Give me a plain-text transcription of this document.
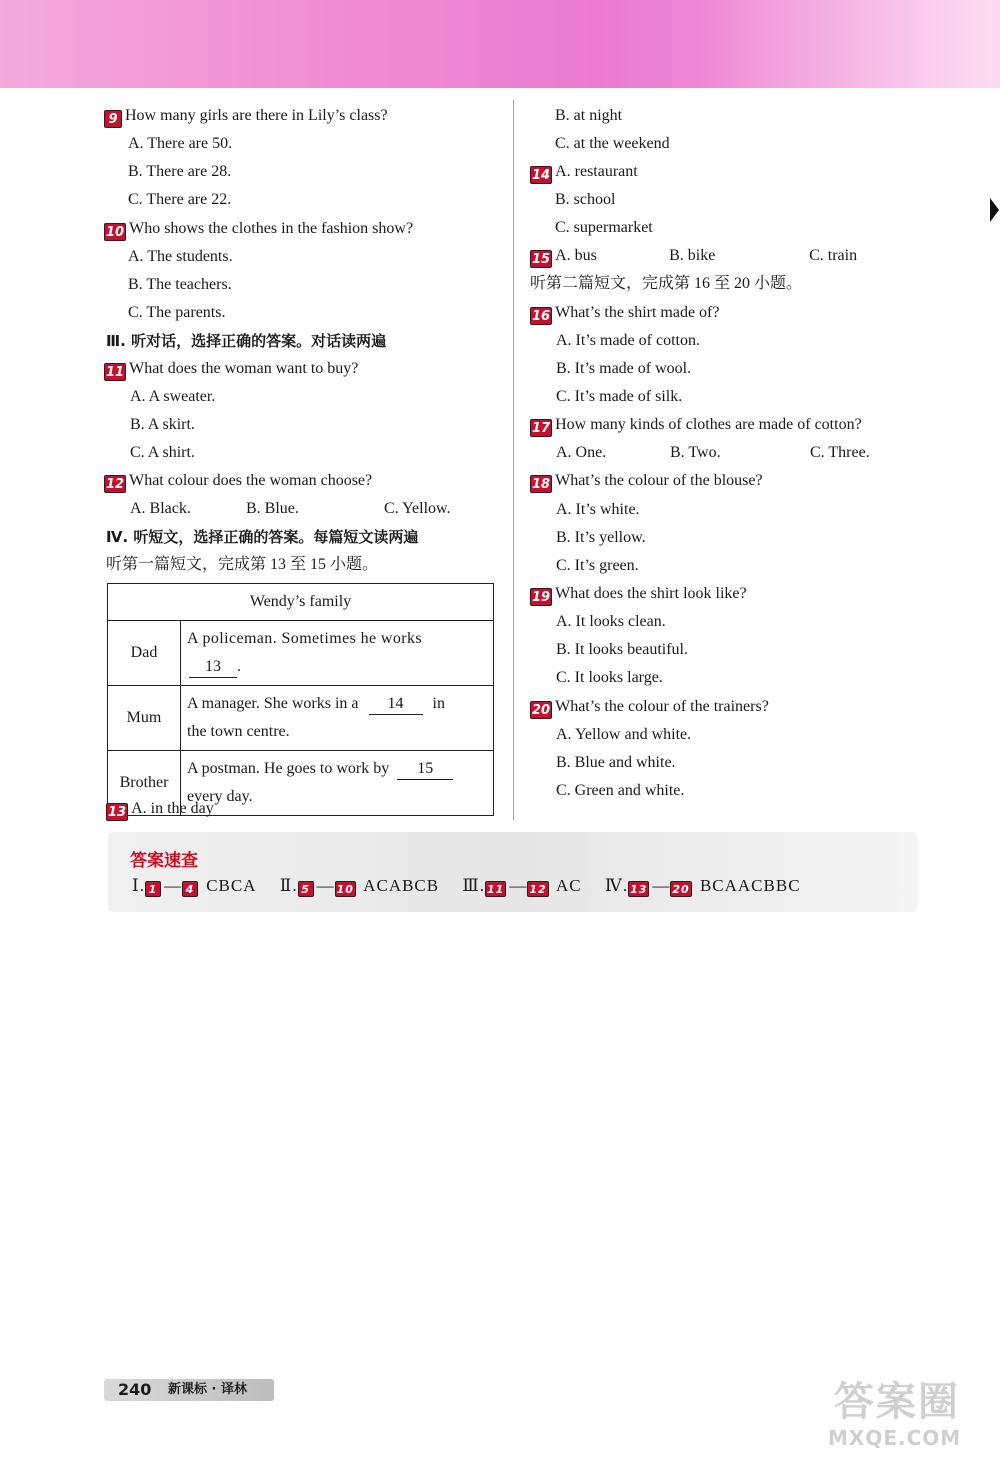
9 How many girls are there in Lily’s class?
A. There are 50.
B. There are 28.
C. There are 22.
10 Who shows the clothes in the fashion show?
A. The students.
B. The teachers.
C. The parents.
Ⅲ. 听对话，选择正确的答案。对话读两遍
11 What does the woman want to buy?
A. A sweater.
B. A skirt.
C. A shirt.
12 What colour does the woman choose?
A. Black.	B. Blue.	C. Yellow.
Ⅳ. 听短文，选择正确的答案。每篇短文读两遍
听第一篇短文，完成第 13 至 15 小题。
Wendy’s family	
Dad	A policeman. Sometimes he works
13 .
Mum	A manager. She works in a 14 in
the town centre.
Brother	A postman. He goes to work by 15
every day.
13 A. in the day
B. at night
C. at the weekend
14 A. restaurant
B. school
C. supermarket
15 A. bus	B. bike	C. train
听第二篇短文，完成第 16 至 20 小题。
16 What’s the shirt made of?
A. It’s made of cotton.
B. It’s made of wool.
C. It’s made of silk.
17 How many kinds of clothes are made of cotton?
A. One.	B. Two.	C. Three.
18 What’s the colour of the blouse?
A. It’s white.
B. It’s yellow.
C. It’s green.
19 What does the shirt look like?
A. It looks clean.
B. It looks beautiful.
C. It looks large.
20 What’s the colour of the trainers?
A. Yellow and white.
B. Blue and white.
C. Green and white.
答案速查
Ⅰ. 1 — 4 CBCA Ⅱ. 5 — 10 ACABCB Ⅲ. 11 — 12 AC Ⅳ. 13 — 20 BCAACBBC
240 新课标 · 译林	答案圈
MXQE.COM
